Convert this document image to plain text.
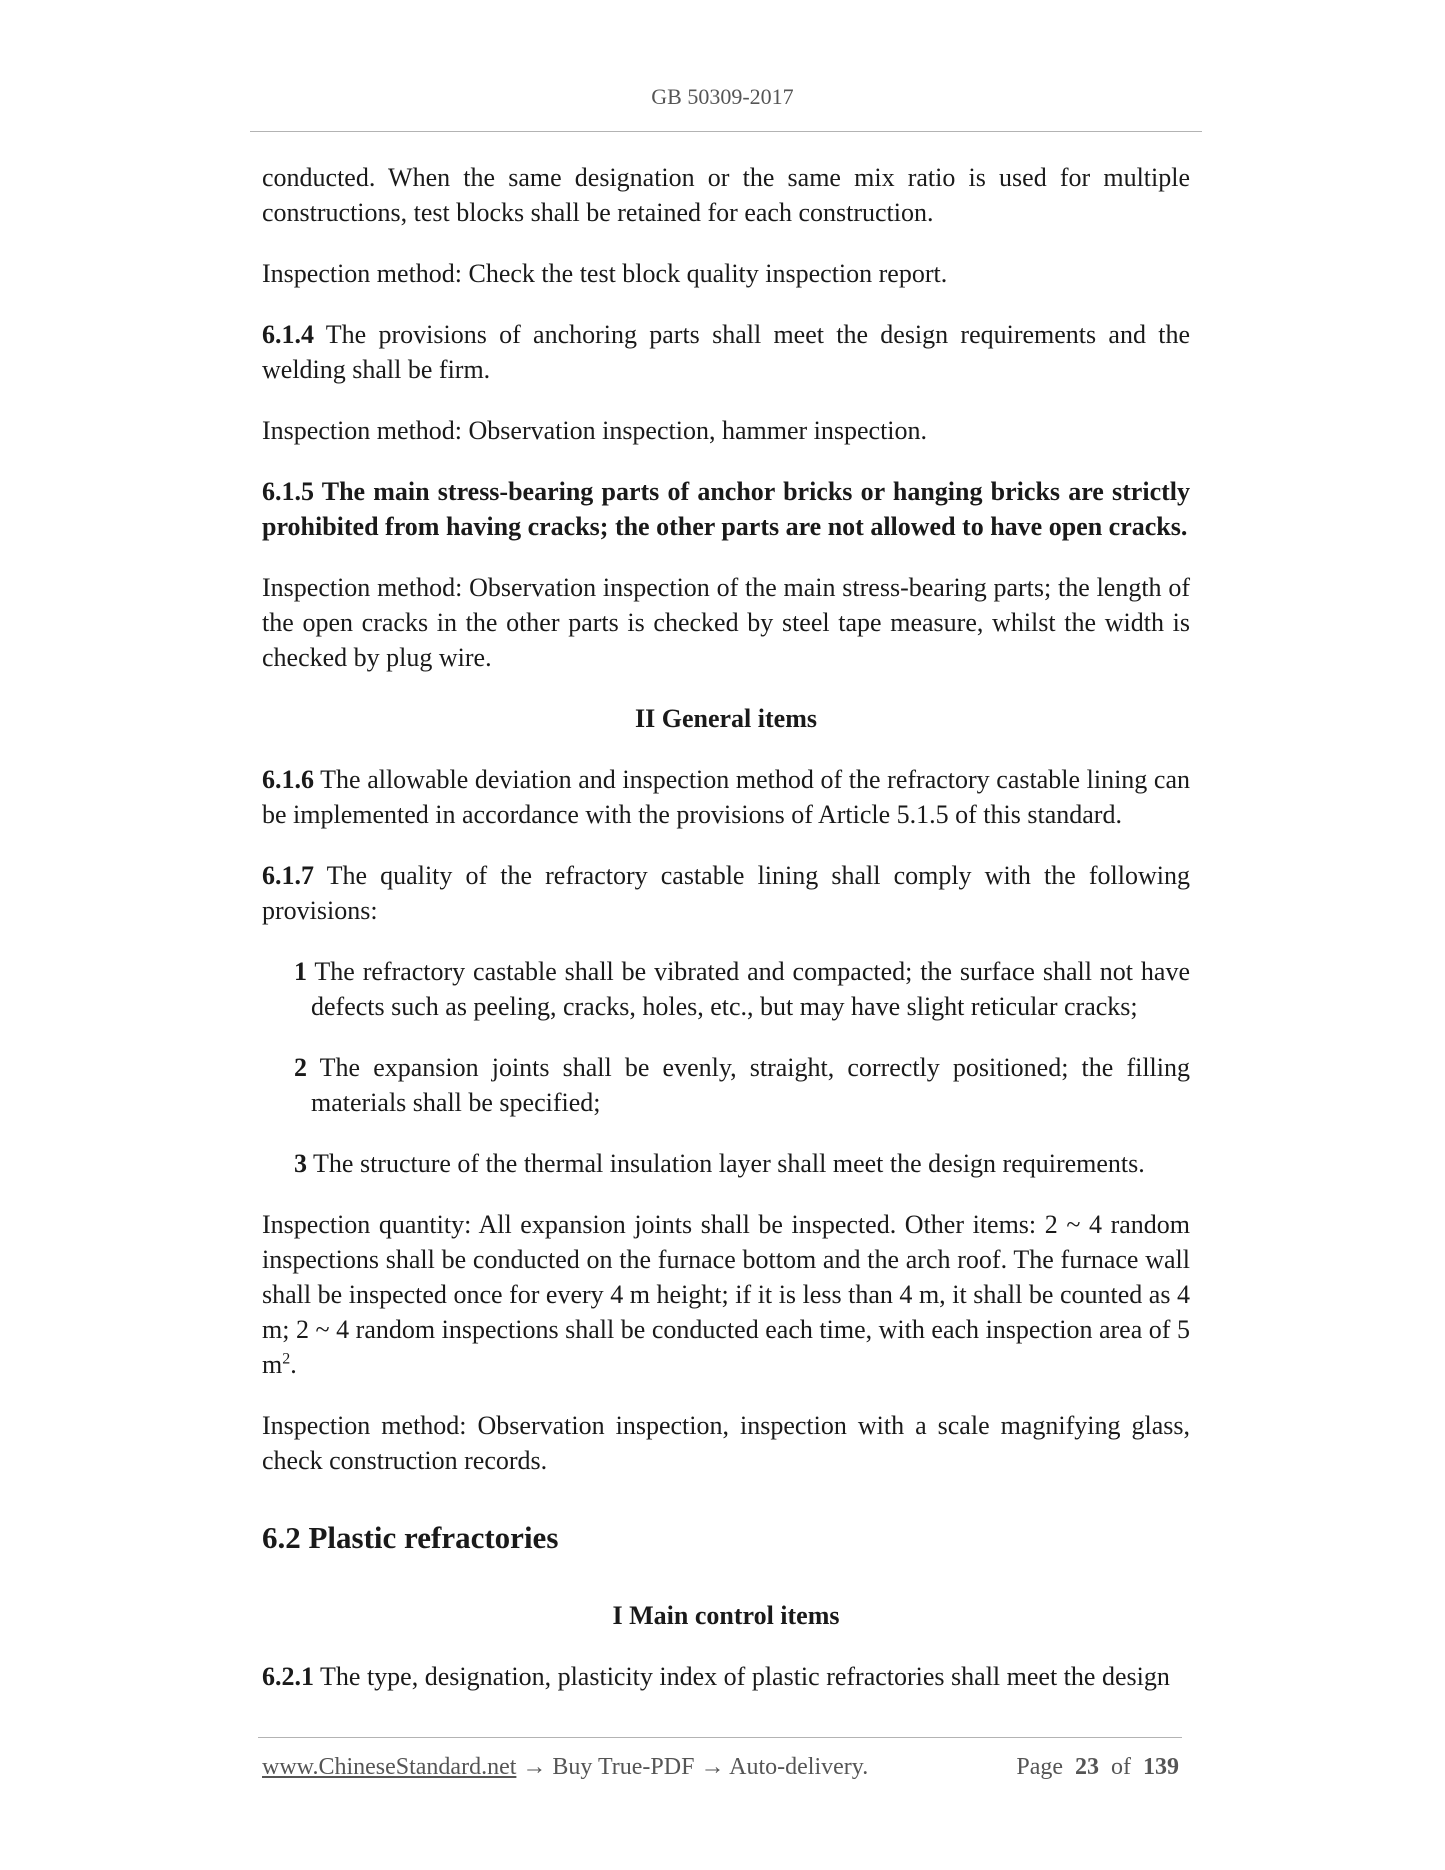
GB 50309-2017

conducted. When the same designation or the same mix ratio is used for multiple constructions, test blocks shall be retained for each construction.

Inspection method: Check the test block quality inspection report.

6.1.4 The provisions of anchoring parts shall meet the design requirements and the welding shall be firm.

Inspection method: Observation inspection, hammer inspection.

6.1.5 The main stress-bearing parts of anchor bricks or hanging bricks are strictly prohibited from having cracks; the other parts are not allowed to have open cracks.

Inspection method: Observation inspection of the main stress-bearing parts; the length of the open cracks in the other parts is checked by steel tape measure, whilst the width is checked by plug wire.

II General items

6.1.6 The allowable deviation and inspection method of the refractory castable lining can be implemented in accordance with the provisions of Article 5.1.5 of this standard.

6.1.7 The quality of the refractory castable lining shall comply with the following provisions:

1 The refractory castable shall be vibrated and compacted; the surface shall not have defects such as peeling, cracks, holes, etc., but may have slight reticular cracks;

2 The expansion joints shall be evenly, straight, correctly positioned; the filling materials shall be specified;

3 The structure of the thermal insulation layer shall meet the design requirements.

Inspection quantity: All expansion joints shall be inspected. Other items: 2 ~ 4 random inspections shall be conducted on the furnace bottom and the arch roof. The furnace wall shall be inspected once for every 4 m height; if it is less than 4 m, it shall be counted as 4 m; 2 ~ 4 random inspections shall be conducted each time, with each inspection area of 5 $m^2$.

Inspection method: Observation inspection, inspection with a scale magnifying glass, check construction records.

6.2 Plastic refractories

I Main control items

6.2.1 The type, designation, plasticity index of plastic refractories shall meet the design

www.ChineseStandard.net → Buy True-PDF → Auto-delivery.	Page 23 of 139
